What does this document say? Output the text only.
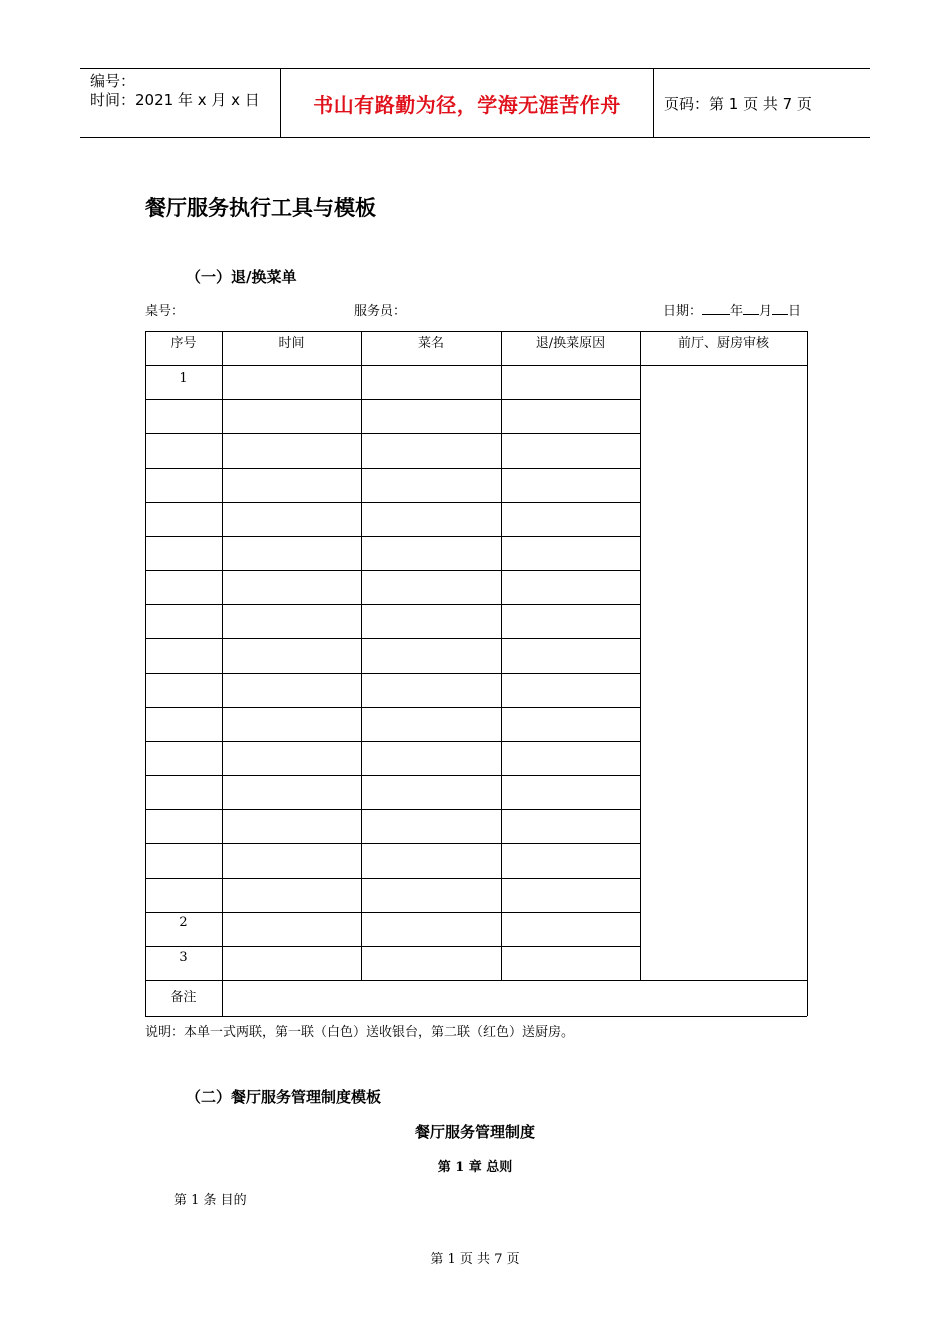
编号：
时间：2021 年 x 月 x 日	书山有路勤为径，学海无涯苦作舟	页码：第 1 页 共 7 页
餐厅服务执行工具与模板
（一）退/换菜单
桌号：	服务员：	日期： 年 月 日
序号	时间	菜名	退/换菜原因	前厅、厨房审核
1
2
3
备注
说明：本单一式两联，第一联（白色）送收银台，第二联（红色）送厨房。
（二）餐厅服务管理制度模板
餐厅服务管理制度
第 1 章 总则
第 1 条 目的
第 1 页 共 7 页
